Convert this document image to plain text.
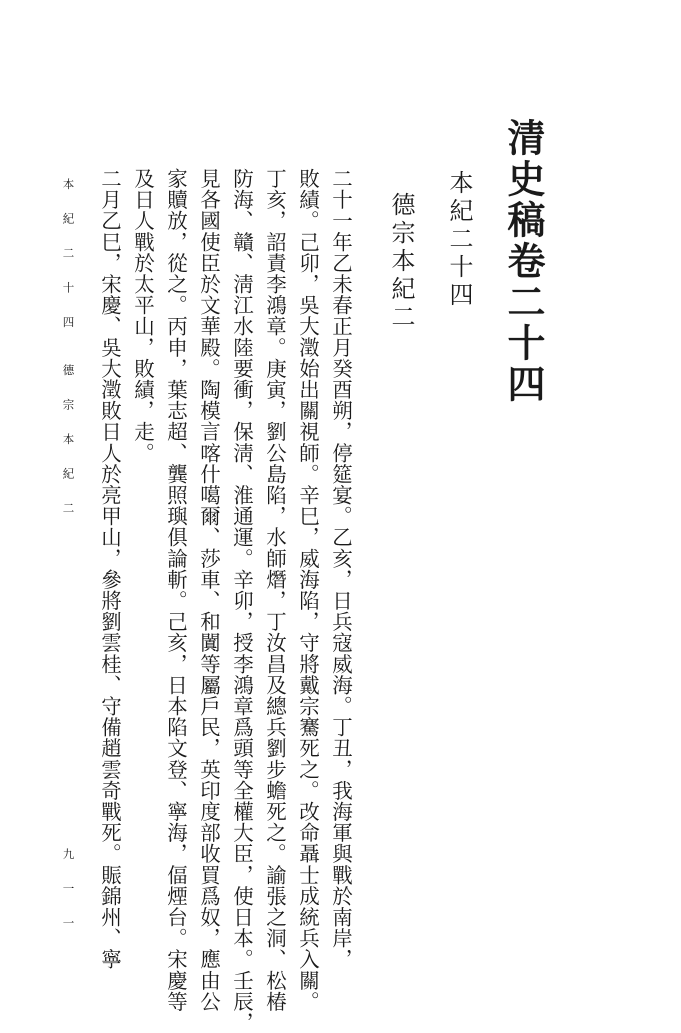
清史稿卷二十四
本紀二十四
德宗本紀二
二十一年乙未春正月癸酉朔，停筵宴。乙亥，日兵寇威海。丁丑，我海軍與戰於南岸，
敗績。己卯，吳大澂始出關視師。辛巳，威海陷，守將戴宗騫死之。改命聶士成統兵入關。
丁亥，詔責李鴻章。庚寅，劉公島陷，水師熸，丁汝昌及總兵劉步蟾死之。諭張之洞、松椿
防海、贛、淸江水陸要衝，保淸、淮通運。辛卯，授李鴻章爲頭等全權大臣，使日本。壬辰，
見各國使臣於文華殿。陶模言喀什噶爾、莎車、和闐等屬戶民，英印度部收買爲奴，應由公
家贖放，從之。丙申，葉志超、龔照璵俱論斬。己亥，日本陷文登、寧海，偪煙台。宋慶等
及日人戰於太平山，敗績，走。
二月乙巳，宋慶、吳大澂敗日人於亮甲山，參將劉雲桂、守備趙雲奇戰死。賑錦州、寧
本 紀 二 十 四　　德 宗 本 紀 二
九 一 一
